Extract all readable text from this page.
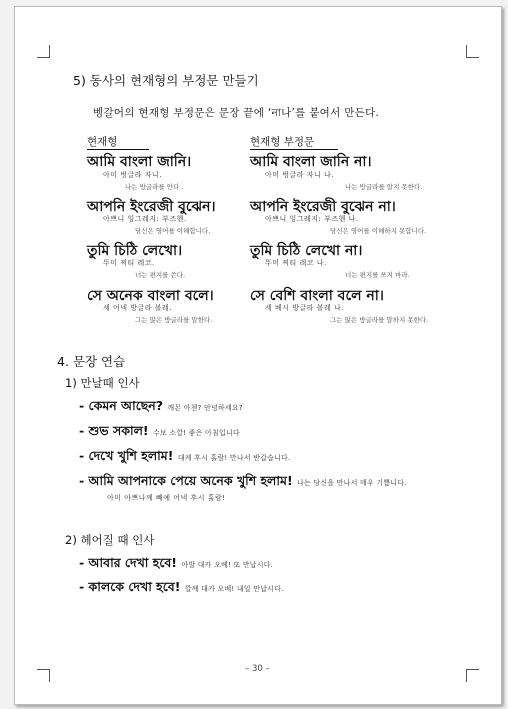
5) 동사의 현재형의 부정문 만들기
벵갈어의 현재형 부정문은 문장 끝에 ‘না나’를 붙여서 만든다.
현재형	현재형 부정문
আমি বাংলা জানি।
아미 벙글라 자니.
나는 방글라를 안다 .
আমি বাংলা জানি না।
아미 벙글라 자니 나.
나는 방글라를 알지 못한다.
আপনি ইংরেজী বুঝেন।
아쁘니 잉그레지: 부즈헨.
당신은 영어를 이해합니다.
আপনি ইংরেজী বুঝেন না।
아쁘니 잉그레지: 부즈헨 나.
당신은 영어를 이해하지 못합니다.
তুমি চিঠি লেখো।
뚜미 찌티 레코.
너는 편지를 쓴다.
তুমি চিঠি লেখো না।
뚜미 찌티 레코 나.
너는 편지를 쓰지 마라.
সে অনেক বাংলা বলে।
세 어넥 방글라 볼레.
그는 많은 방글라를 말한다.
সে বেশি বাংলা বলে না।
세 베시 방글라 볼레 나.
그는 많은 방글라를 말하지 못한다.
4. 문장 연습
1) 만날때 인사
- কেমন আছেন? 깨몬 아첸? 안녕하세요?
- শুভ সকাল! 수보 소깔! 좋은 아침입니다
- দেখে খুশি হলাম! 대케 후시 홀람! 만나서 반갑습니다.
- আমি আপনাকে পেয়ে অনেক খুশি হলাম! 나는 당신을 만나서 매우 기쁩니다.
아미 아쁘나께 빼예 어넥 후시 홀람!
2) 헤어질 때 인사
- আবার দেখা হবে! 아발 대카 오베! 또 만납시다.
- কালকে দেখা হবে! 깔께 대카 오베! 내일 만납시다.
– 30 –
